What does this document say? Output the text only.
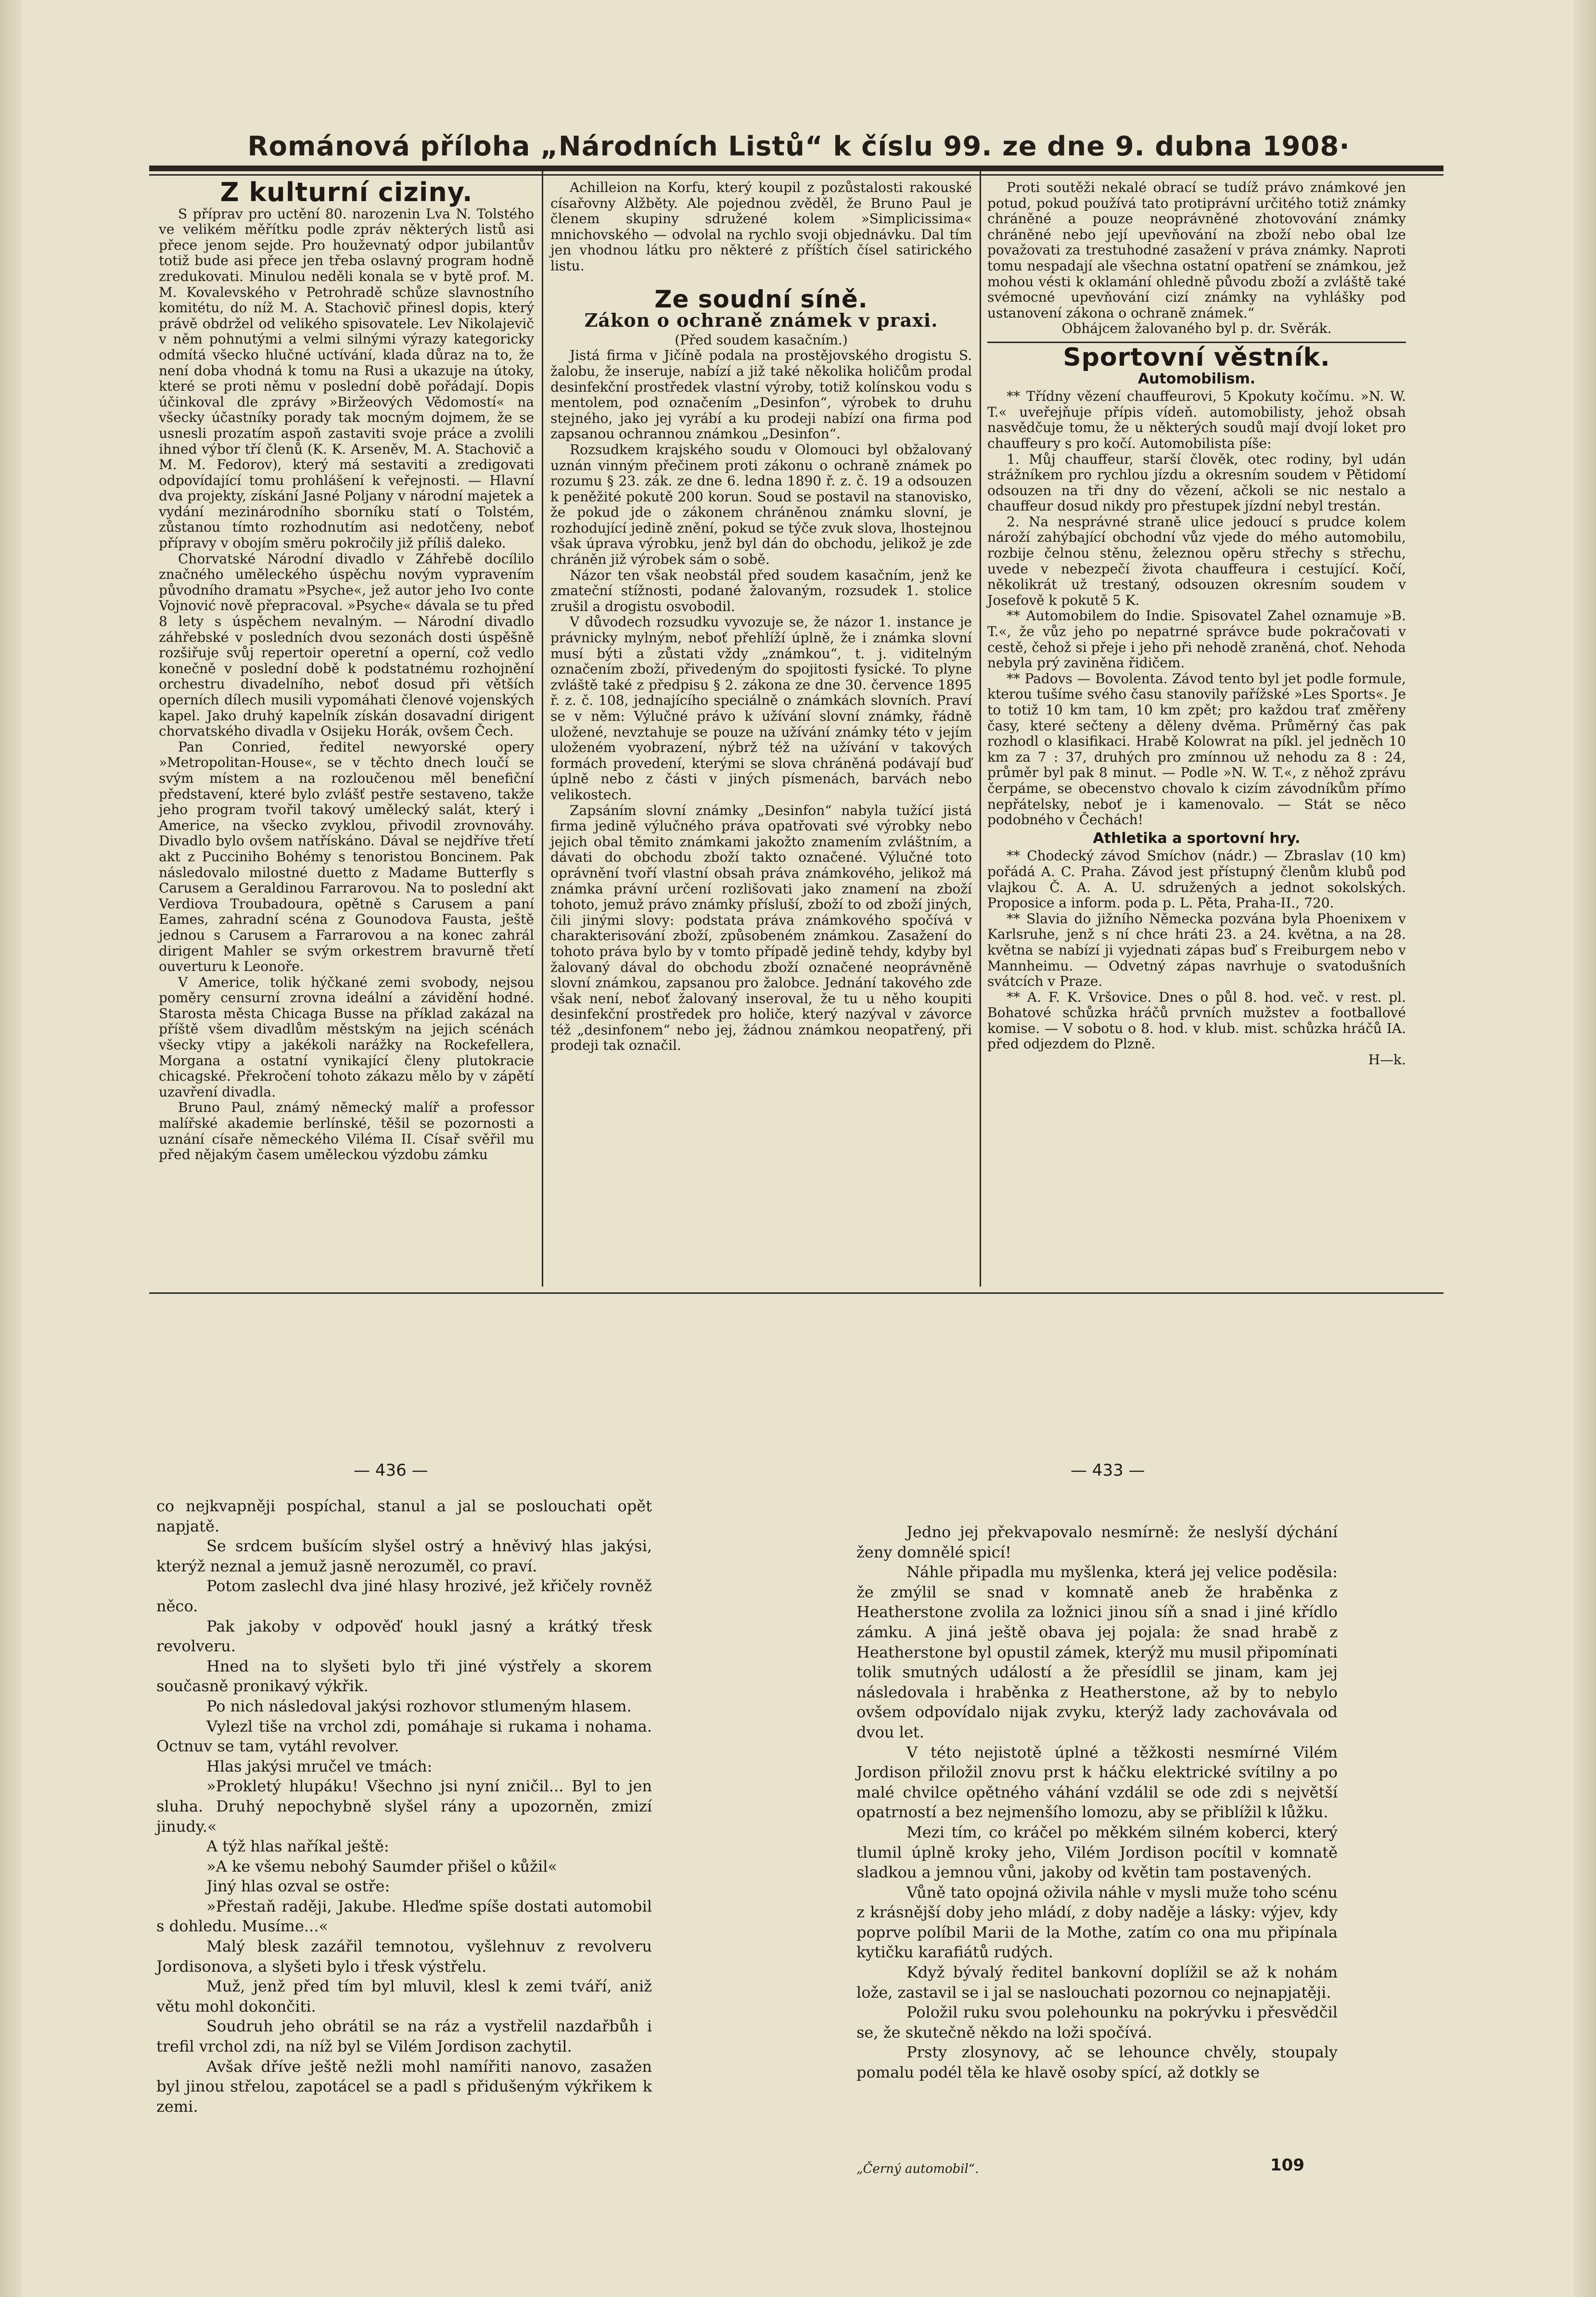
Románová příloha „Národních Listů“ k číslu 99. ze dne 9. dubna 1908·
Z kulturní ciziny.

S příprav pro uctění 80. narozenin Lva N. Tolstého ve velikém měřítku podle zpráv některých listů asi přece jenom sejde. Pro houževnatý odpor jubilantův totiž bude asi přece jen třeba oslavný program hodně zredukovati. Minulou neděli konala se v bytě prof. M. M. Kovalevského v Petrohradě schůze slavnostního komitétu, do níž M. A. Stachovič přinesl dopis, který právě obdržel od velikého spisovatele. Lev Nikolajevič v něm pohnutými a velmi silnými výrazy kategoricky odmítá všecko hlučné uctívání, klada důraz na to, že není doba vhodná k tomu na Rusi a ukazuje na útoky, které se proti němu v poslední době pořádají. Dopis účinkoval dle zprávy »Biržeových Vědomostí« na všecky účastníky porady tak mocným dojmem, že se usnesli prozatím aspoň zastaviti svoje práce a zvolili ihned výbor tří členů (K. K. Arseněv, M. A. Stachovič a M. M. Fedorov), který má sestaviti a zredigovati odpovídající tomu prohlášení k veřejnosti. — Hlavní dva projekty, získání Jasné Poljany v národní majetek a vydání mezinárodního sborníku statí o Tolstém, zůstanou tímto rozhodnutím asi nedotčeny, neboť přípravy v obojím směru pokročily již příliš daleko.

Chorvatské Národní divadlo v Záhřebě docílilo značného uměleckého úspěchu novým vypravením původního dramatu »Psyche«, jež autor jeho Ivo conte Vojnović nově přepracoval. »Psyche« dávala se tu před 8 lety s úspěchem nevalným. — Národní divadlo záhřebské v posledních dvou sezonách dosti úspěšně rozšiřuje svůj repertoir operetní a operní, což vedlo konečně v poslední době k podstatnému rozhojnění orchestru divadelního, neboť dosud při větších operních dílech musili vypomáhati členové vojenských kapel. Jako druhý kapelník získán dosavadní dirigent chorvatského divadla v Osijeku Horák, ovšem Čech.

Pan Conried, ředitel newyorské opery »Metropolitan-House«, se v těchto dnech loučí se svým místem a na rozloučenou měl benefiční představení, které bylo zvlášť pestře sestaveno, takže jeho program tvořil takový umělecký salát, který i Americe, na všecko zvyklou, přivodil zrovnováhy. Divadlo bylo ovšem natřískáno. Dával se nejdříve třetí akt z Pucciniho Bohémy s tenoristou Boncinem. Pak následovalo milostné duetto z Madame Butterfly s Carusem a Geraldinou Farrarovou. Na to poslední akt Verdiova Troubadoura, opětně s Carusem a paní Eames, zahradní scéna z Gounodova Fausta, ještě jednou s Carusem a Farrarovou a na konec zahrál dirigent Mahler se svým orkestrem bravurně třetí ouverturu k Leonoře.

V Americe, tolik hýčkané zemi svobody, nejsou poměry censurní zrovna ideální a závidění hodné. Starosta města Chicaga Busse na příklad zakázal na příště všem divadlům městským na jejich scénách všecky vtipy a jakékoli narážky na Rockefellera, Morgana a ostatní vynikající členy plutokracie chicagské. Překročení tohoto zákazu mělo by v zápětí uzavření divadla.

Bruno Paul, známý německý malíř a professor malířské akademie berlínské, těšil se pozornosti a uznání císaře německého Viléma II. Císař svěřil mu před nějakým časem uměleckou výzdobu zámku

Achilleion na Korfu, který koupil z pozůstalosti rakouské císařovny Alžběty. Ale pojednou zvěděl, že Bruno Paul je členem skupiny sdružené kolem »Simplicissima« mnichovského — odvolal na rychlo svoji objednávku. Dal tím jen vhodnou látku pro některé z příštích čísel satirického listu.

Ze soudní síně.
Zákon o ochraně známek v praxi.

(Před soudem kasačním.)

Jistá firma v Jičíně podala na prostějovského drogistu S. žalobu, že inseruje, nabízí a již také několika holičům prodal desinfekční prostředek vlastní výroby, totiž kolínskou vodu s mentolem, pod označením „Desinfon“, výrobek to druhu stejného, jako jej vyrábí a ku prodeji nabízí ona firma pod zapsanou ochrannou známkou „Desinfon“.

Rozsudkem krajského soudu v Olomouci byl obžalovaný uznán vinným přečinem proti zákonu o ochraně známek po rozumu § 23. zák. ze dne 6. ledna 1890 ř. z. č. 19 a odsouzen k peněžité pokutě 200 korun. Soud se postavil na stanovisko, že pokud jde o zákonem chráněnou známku slovní, je rozhodující jedině znění, pokud se týče zvuk slova, lhostejnou však úprava výrobku, jenž byl dán do obchodu, jelikož je zde chráněn již výrobek sám o sobě.

Názor ten však neobstál před soudem kasačním, jenž ke zmateční stížnosti, podané žalovaným, rozsudek 1. stolice zrušil a drogistu osvobodil.

V důvodech rozsudku vyvozuje se, že názor 1. instance je právnicky mylným, neboť přehlíží úplně, že i známka slovní musí býti a zůstati vždy „známkou“, t. j. viditelným označením zboží, přivedeným do spojitosti fysické. To plyne zvláště také z předpisu § 2. zákona ze dne 30. července 1895 ř. z. č. 108, jednajícího speciálně o známkách slovních. Praví se v něm: Výlučné právo k užívání slovní známky, řádně uložené, nevztahuje se pouze na užívání známky této v jejím uloženém vyobrazení, nýbrž též na užívání v takových formách provedení, kterými se slova chráněná podávají buď úplně nebo z části v jiných písmenách, barvách nebo velikostech.

Zapsáním slovní známky „Desinfon“ nabyla tužící jistá firma jedině výlučného práva opatřovati své výrobky nebo jejich obal těmito známkami jakožto znamením zvláštním, a dávati do obchodu zboží takto označené. Výlučné toto oprávnění tvoří vlastní obsah práva známkového, jelikož má známka právní určení rozlišovati jako znamení na zboží tohoto, jemuž právo známky přísluší, zboží to od zboží jiných, čili jinými slovy: podstata práva známkového spočívá v charakterisování zboží, způsobeném známkou. Zasažení do tohoto práva bylo by v tomto případě jedině tehdy, kdyby byl žalovaný dával do obchodu zboží označené neoprávněně slovní známkou, zapsanou pro žalobce. Jednání takového zde však není, neboť žalovaný inseroval, že tu u něho koupiti desinfekční prostředek pro holiče, který nazýval v závorce též „desinfonem“ nebo jej, žádnou známkou neopatřený, při prodeji tak označil.

Proti soutěži nekalé obrací se tudíž právo známkové jen potud, pokud používá tato protiprávní určitého totiž známky chráněné a pouze neoprávněné zhotovování známky chráněné nebo její upevňování na zboží nebo obal lze považovati za trestuhodné zasažení v práva známky. Naproti tomu nespadají ale všechna ostatní opatření se známkou, jež mohou vésti k oklamání ohledně původu zboží a zvláště také svémocné upevňování cizí známky na vyhlášky pod ustanovení zákona o ochraně známek.“

Obhájcem žalovaného byl p. dr. Svěrák.

Sportovní věstník.
Automobilism.

** Třídny vězení chauffeurovi, 5 Kpokuty kočímu. »N. W. T.« uveřejňuje přípis vídeň. automobilisty, jehož obsah nasvědčuje tomu, že u některých soudů mají dvojí loket pro chauffeury s pro kočí. Automobilista píše:

1. Můj chauffeur, starší člověk, otec rodiny, byl udán strážníkem pro rychlou jízdu a okresním soudem v Pětidomí odsouzen na tři dny do vězení, ačkoli se nic nestalo a chauffeur dosud nikdy pro přestupek jízdní nebyl trestán.

2. Na nesprávné straně ulice jedoucí s prudce kolem nároží zahýbající obchodní vůz vjede do mého automobilu, rozbije čelnou stěnu, železnou opěru střechy s střechu, uvede v nebezpečí života chauffeura i cestující. Kočí, několikrát už trestaný, odsouzen okresním soudem v Josefově k pokutě 5 K.

** Automobilem do Indie. Spisovatel Zahel oznamuje »B. T.«, že vůz jeho po nepatrné správce bude pokračovati v cestě, čehož si přeje i jeho při nehodě zraněná, choť. Nehoda nebyla prý zaviněna řidičem.

** Padovs — Bovolenta. Závod tento byl jet podle formule, kterou tušíme svého času stanovily pařížské »Les Sports«. Je to totiž 10 km tam, 10 km zpět; pro každou trať změřeny časy, které sečteny a děleny dvěma. Průměrný čas pak rozhodl o klasifikaci. Hrabě Kolowrat na píkl. jel jedněch 10 km za 7 : 37, druhých pro zmínnou už nehodu za 8 : 24, průměr byl pak 8 minut. — Podle »N. W. T.«, z něhož zprávu čerpáme, se obecenstvo chovalo k cizím závodníkům přímo nepřátelsky, neboť je i kamenovalo. — Stát se něco podobného v Čechách!

Athletika a sportovní hry.

** Chodecký závod Smíchov (nádr.) — Zbraslav (10 km) pořádá A. C. Praha. Závod jest přístupný členům klubů pod vlajkou Č. A. A. U. sdružených a jednot sokolských. Proposice a inform. poda p. L. Pěta, Praha-II., 720.

** Slavia do jižního Německa pozvána byla Phoenixem v Karlsruhe, jenž s ní chce hráti 23. a 24. května, a na 28. května se nabízí ji vyjednati zápas buď s Freiburgem nebo v Mannheimu. — Odvetný zápas navrhuje o svatodušních svátcích v Praze.

** A. F. K. Vršovice. Dnes o půl 8. hod. več. v rest. pl. Bohatové schůzka hráčů prvních mužstev a footballové komise. — V sobotu o 8. hod. v klub. mist. schůzka hráčů IA. před odjezdem do Plzně.

H—k.

— 436 —

co nejkvapněji pospíchal, stanul a jal se poslouchati opět napjatě.

Se srdcem bušícím slyšel ostrý a hněvivý hlas jakýsi, kterýž neznal a jemuž jasně nerozuměl, co praví.

Potom zaslechl dva jiné hlasy hrozivé, jež křičely rovněž něco.

Pak jakoby v odpověď houkl jasný a krátký třesk revolveru.

Hned na to slyšeti bylo tři jiné výstřely a skorem současně pronikavý výkřik.

Po nich následoval jakýsi rozhovor stlumeným hlasem.

Vylezl tiše na vrchol zdi, pomáhaje si rukama i nohama. Octnuv se tam, vytáhl revolver.

Hlas jakýsi mručel ve tmách:

»Prokletý hlupáku! Všechno jsi nyní zničil... Byl to jen sluha. Druhý nepochybně slyšel rány a upozorněn, zmizí jinudy.«

A týž hlas naříkal ještě:

»A ke všemu nebohý Saumder přišel o kůžil«

Jiný hlas ozval se ostře:

»Přestaň raději, Jakube. Hleďme spíše dostati automobil s dohledu. Musíme...«

Malý blesk zazářil temnotou, vyšlehnuv z revolveru Jordisonova, a slyšeti bylo i třesk výstřelu.

Muž, jenž před tím byl mluvil, klesl k zemi tváří, aniž větu mohl dokončiti.

Soudruh jeho obrátil se na ráz a vystřelil nazdařbůh i trefil vrchol zdi, na níž byl se Vilém Jordison zachytil.

Avšak dříve ještě nežli mohl namířiti nanovo, zasažen byl jinou střelou, zapotácel se a padl s přidušeným výkřikem k zemi.

— 433 —

Jedno jej překvapovalo nesmírně: že neslyší dýchání ženy domnělé spicí!

Náhle připadla mu myšlenka, která jej velice poděsila: že zmýlil se snad v komnatě aneb že hraběnka z Heatherstone zvolila za ložnici jinou síň a snad i jiné křídlo zámku. A jiná ještě obava jej pojala: že snad hrabě z Heatherstone byl opustil zámek, kterýž mu musil připomínati tolik smutných událostí a že přesídlil se jinam, kam jej následovala i hraběnka z Heatherstone, až by to nebylo ovšem odpovídalo nijak zvyku, kterýž lady zachovávala od dvou let.

V této nejistotě úplné a těžkosti nesmírné Vilém Jordison přiložil znovu prst k háčku elektrické svítilny a po malé chvilce opětného váhání vzdálil se ode zdi s největší opatrností a bez nejmenšího lomozu, aby se přiblížil k lůžku.

Mezi tím, co kráčel po měkkém silném koberci, který tlumil úplně kroky jeho, Vilém Jordison pocítil v komnatě sladkou a jemnou vůni, jakoby od květin tam postavených.

Vůně tato opojná oživila náhle v mysli muže toho scénu z krásnější doby jeho mládí, z doby naděje a lásky: výjev, kdy poprve políbil Marii de la Mothe, zatím co ona mu připínala kytičku karafiátů rudých.

Když bývalý ředitel bankovní doplížil se až k nohám lože, zastavil se i jal se naslouchati pozornou co nejnapjatěji.

Položil ruku svou polehounku na pokrývku i přesvědčil se, že skutečně někdo na loži spočívá.

Prsty zlosynovy, ač se lehounce chvěly, stoupaly pomalu podél těla ke hlavě osoby spící, až dotkly se

„Černý automobil“.	109
